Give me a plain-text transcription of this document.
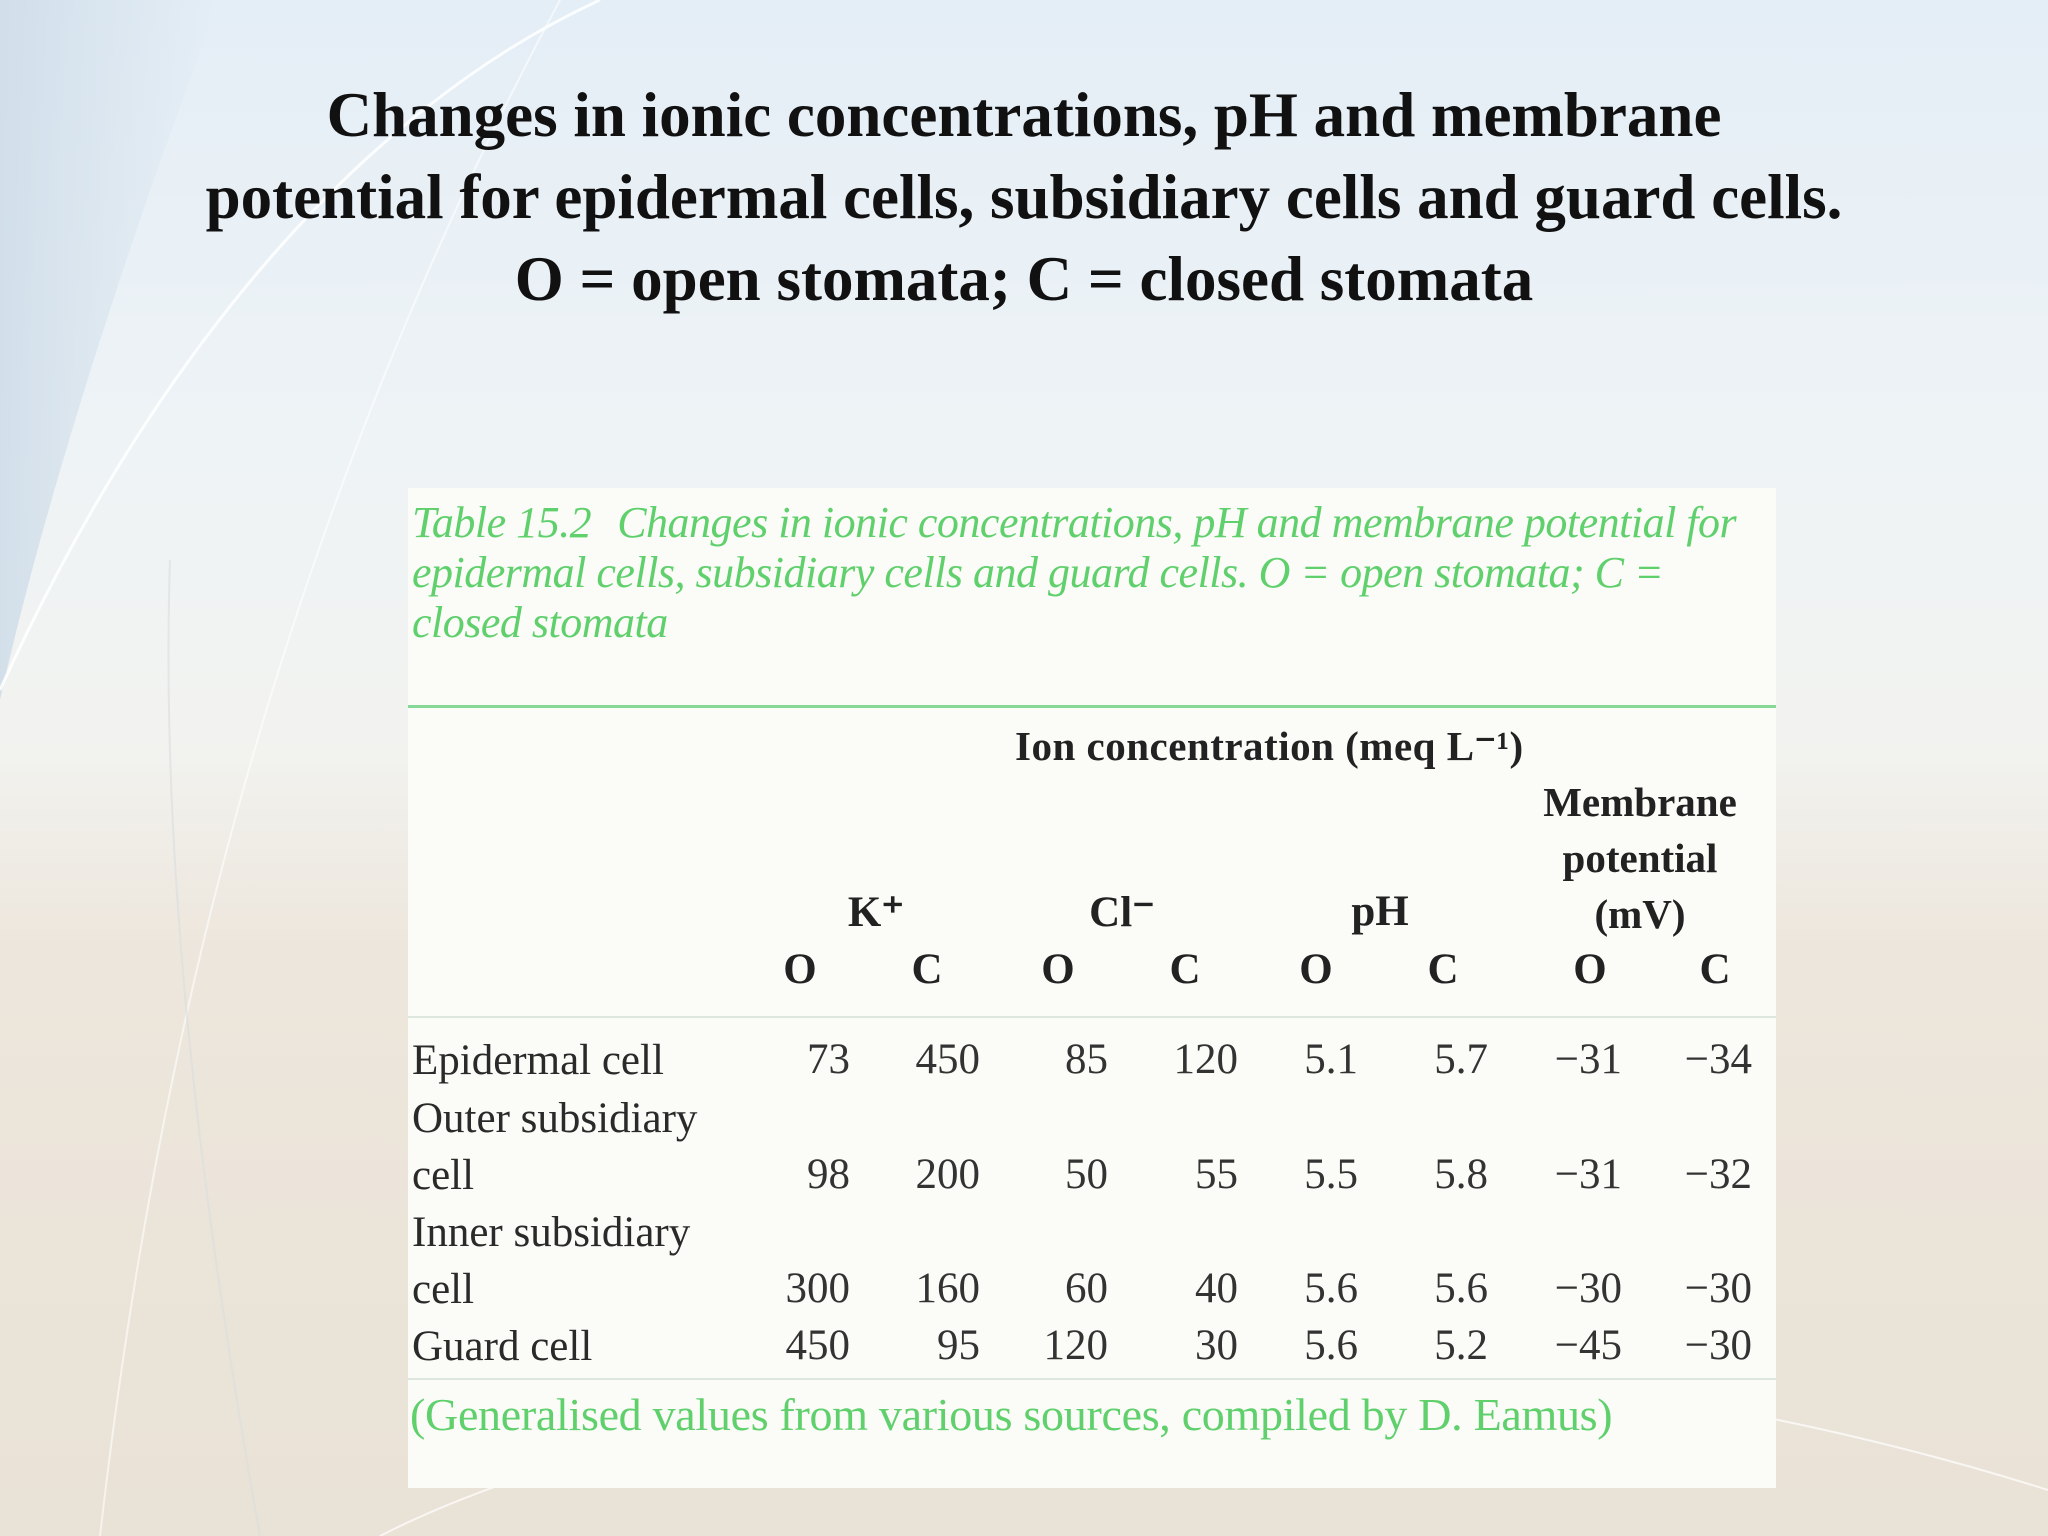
Changes in ionic concentrations, pH and membrane
potential for epidermal cells, subsidiary cells and guard cells.
O = open stomata; C = closed stomata
Table 15.2 Changes in ionic concentrations, pH and membrane potential for epidermal cells, subsidiary cells and guard cells. O = open stomata; C = closed stomata
Ion concentration (meq L⁻¹)
Membrane
potential
(mV)
K⁺	Cl⁻	pH
O	C	O	C	O	C	O	C
Epidermal cell	73	450	85	120	5.1	5.7	−31	−34
Outer subsidiary
cell	98	200	50	55	5.5	5.8	−31	−32
Inner subsidiary
cell	300	160	60	40	5.6	5.6	−30	−30
Guard cell	450	95	120	30	5.6	5.2	−45	−30
(Generalised values from various sources, compiled by D. Eamus)
